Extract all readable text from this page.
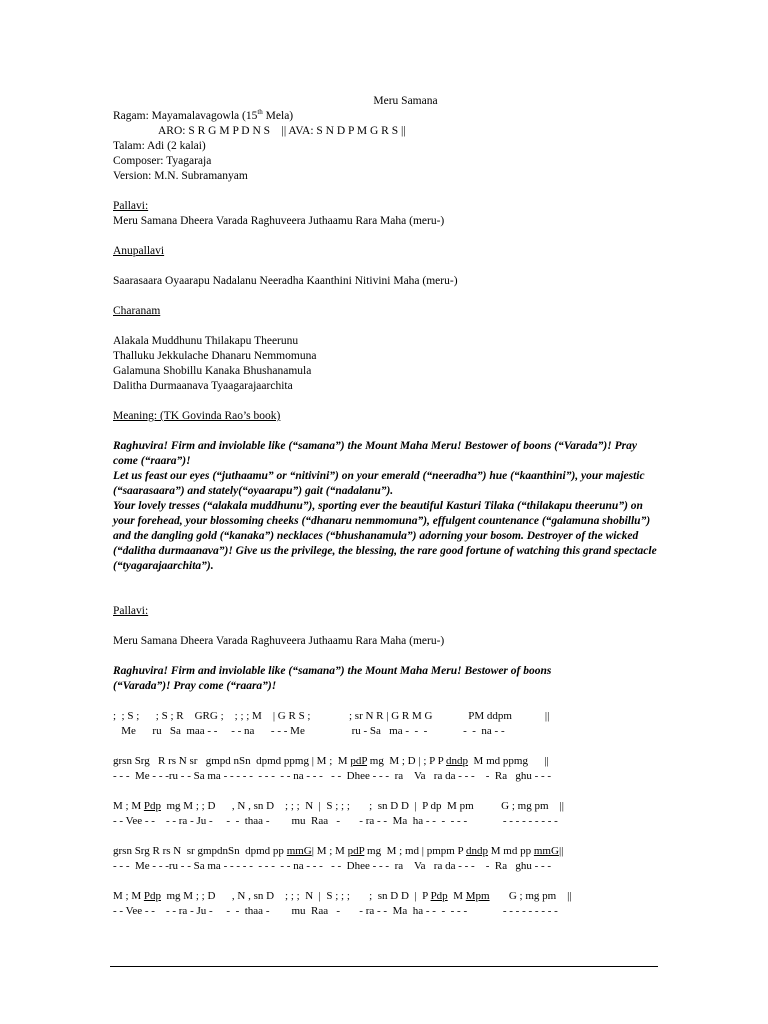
Meru Samana
Ragam: Mayamalavagowla (15th Mela)
ARO: S R G M P D N S    || AVA: S N D P M G R S ||
Talam: Adi (2 kalai)
Composer: Tyagaraja
Version: M.N. Subramanyam
Pallavi:
Meru Samana Dheera Varada Raghuveera Juthaamu Rara Maha (meru-)
Anupallavi
Saarasaara Oyaarapu Nadalanu Neeradha Kaanthini Nitivini Maha (meru-)
Charanam
Alakala Muddhunu Thilakapu Theerunu
Thalluku Jekkulache Dhanaru Nemmomuna
Galamuna Shobillu Kanaka Bhushanamula
Dalitha Durmaanava Tyaagarajaarchita
Meaning: (TK Govinda Rao’s book)
Raghuvira! Firm and inviolable like (“samana”) the Mount Maha Meru! Bestower of boons (“Varada”)! Pray come (“raara”)!
Let us feast our eyes (“juthaamu” or “nitivini”) on your emerald (“neeradha”) hue (“kaanthini”), your majestic (“saarasaara”) and stately(“oyaarapu”) gait (“nadalanu”).
Your lovely tresses (“alakala muddhunu”), sporting ever the beautiful Kasturi Tilaka (“thilakapu theerunu”) on your forehead, your blossoming cheeks (“dhanaru nemmomuna”), effulgent countenance (“galamuna shobillu”) and the dangling gold (“kanaka”) necklaces (“bhushanamula”) adorning your bosom. Destroyer of the wicked (“dalitha durmaanava”)! Give us the privilege, the blessing, the rare good fortune of watching this grand spectacle (“tyagarajaarchita”).
Pallavi:
Meru Samana Dheera Varada Raghuveera Juthaamu Rara Maha (meru-)
Raghuvira! Firm and inviolable like (“samana”) the Mount Maha Meru! Bestower of boons
(“Varada”)! Pray come (“raara”)!
;  ; S ;      ; S ; R    GRG ;    ; ; ; M    | G R S ;              ; sr N R | G R M G             PM ddpm            ||
Me      ru   Sa  maa - -     - - na      - - - Me                 ru - Sa   ma -  -  -             -  -  na - -
grsn Srg   R rs N sr   gmpd nSn  dpmd ppmg | M ;  M pdP mg  M ; D | ; P P dndp  M md ppmg      ||
- - -  Me - - -ru - - Sa ma - - - - -  - - -  - - na - - -   - -  Dhee - - -  ra    Va   ra da - - -    -  Ra   ghu - - -
M ; M Pdp  mg M ; ; D      , N , sn D    ; ; ;  N  |  S ; ; ;       ;  sn D D  |  P dp  M pm          G ; mg pm    ||
- - Vee - -    - - ra - Ju -     -  -  thaa -        mu  Raa   -       - ra - -  Ma  ha - -  -  - - -             - - - - - - - - -
grsn Srg R rs N  sr gmpdnSn  dpmd pp mmG| M ; M pdP mg  M ; md | pmpm P dndp M md pp mmG||
- - -  Me - - -ru - - Sa ma - - - - -  - - -  - - na - - -   - -  Dhee - - -  ra    Va   ra da - - -    -  Ra   ghu - - -
M ; M Pdp  mg M ; ; D      , N , sn D    ; ; ;  N  |  S ; ; ;       ;  sn D D  |  P Pdp  M Mpm       G ; mg pm    ||
- - Vee - -    - - ra - Ju -     -  -  thaa -        mu  Raa   -       - ra - -  Ma  ha - -  -  - - -             - - - - - - - - -
